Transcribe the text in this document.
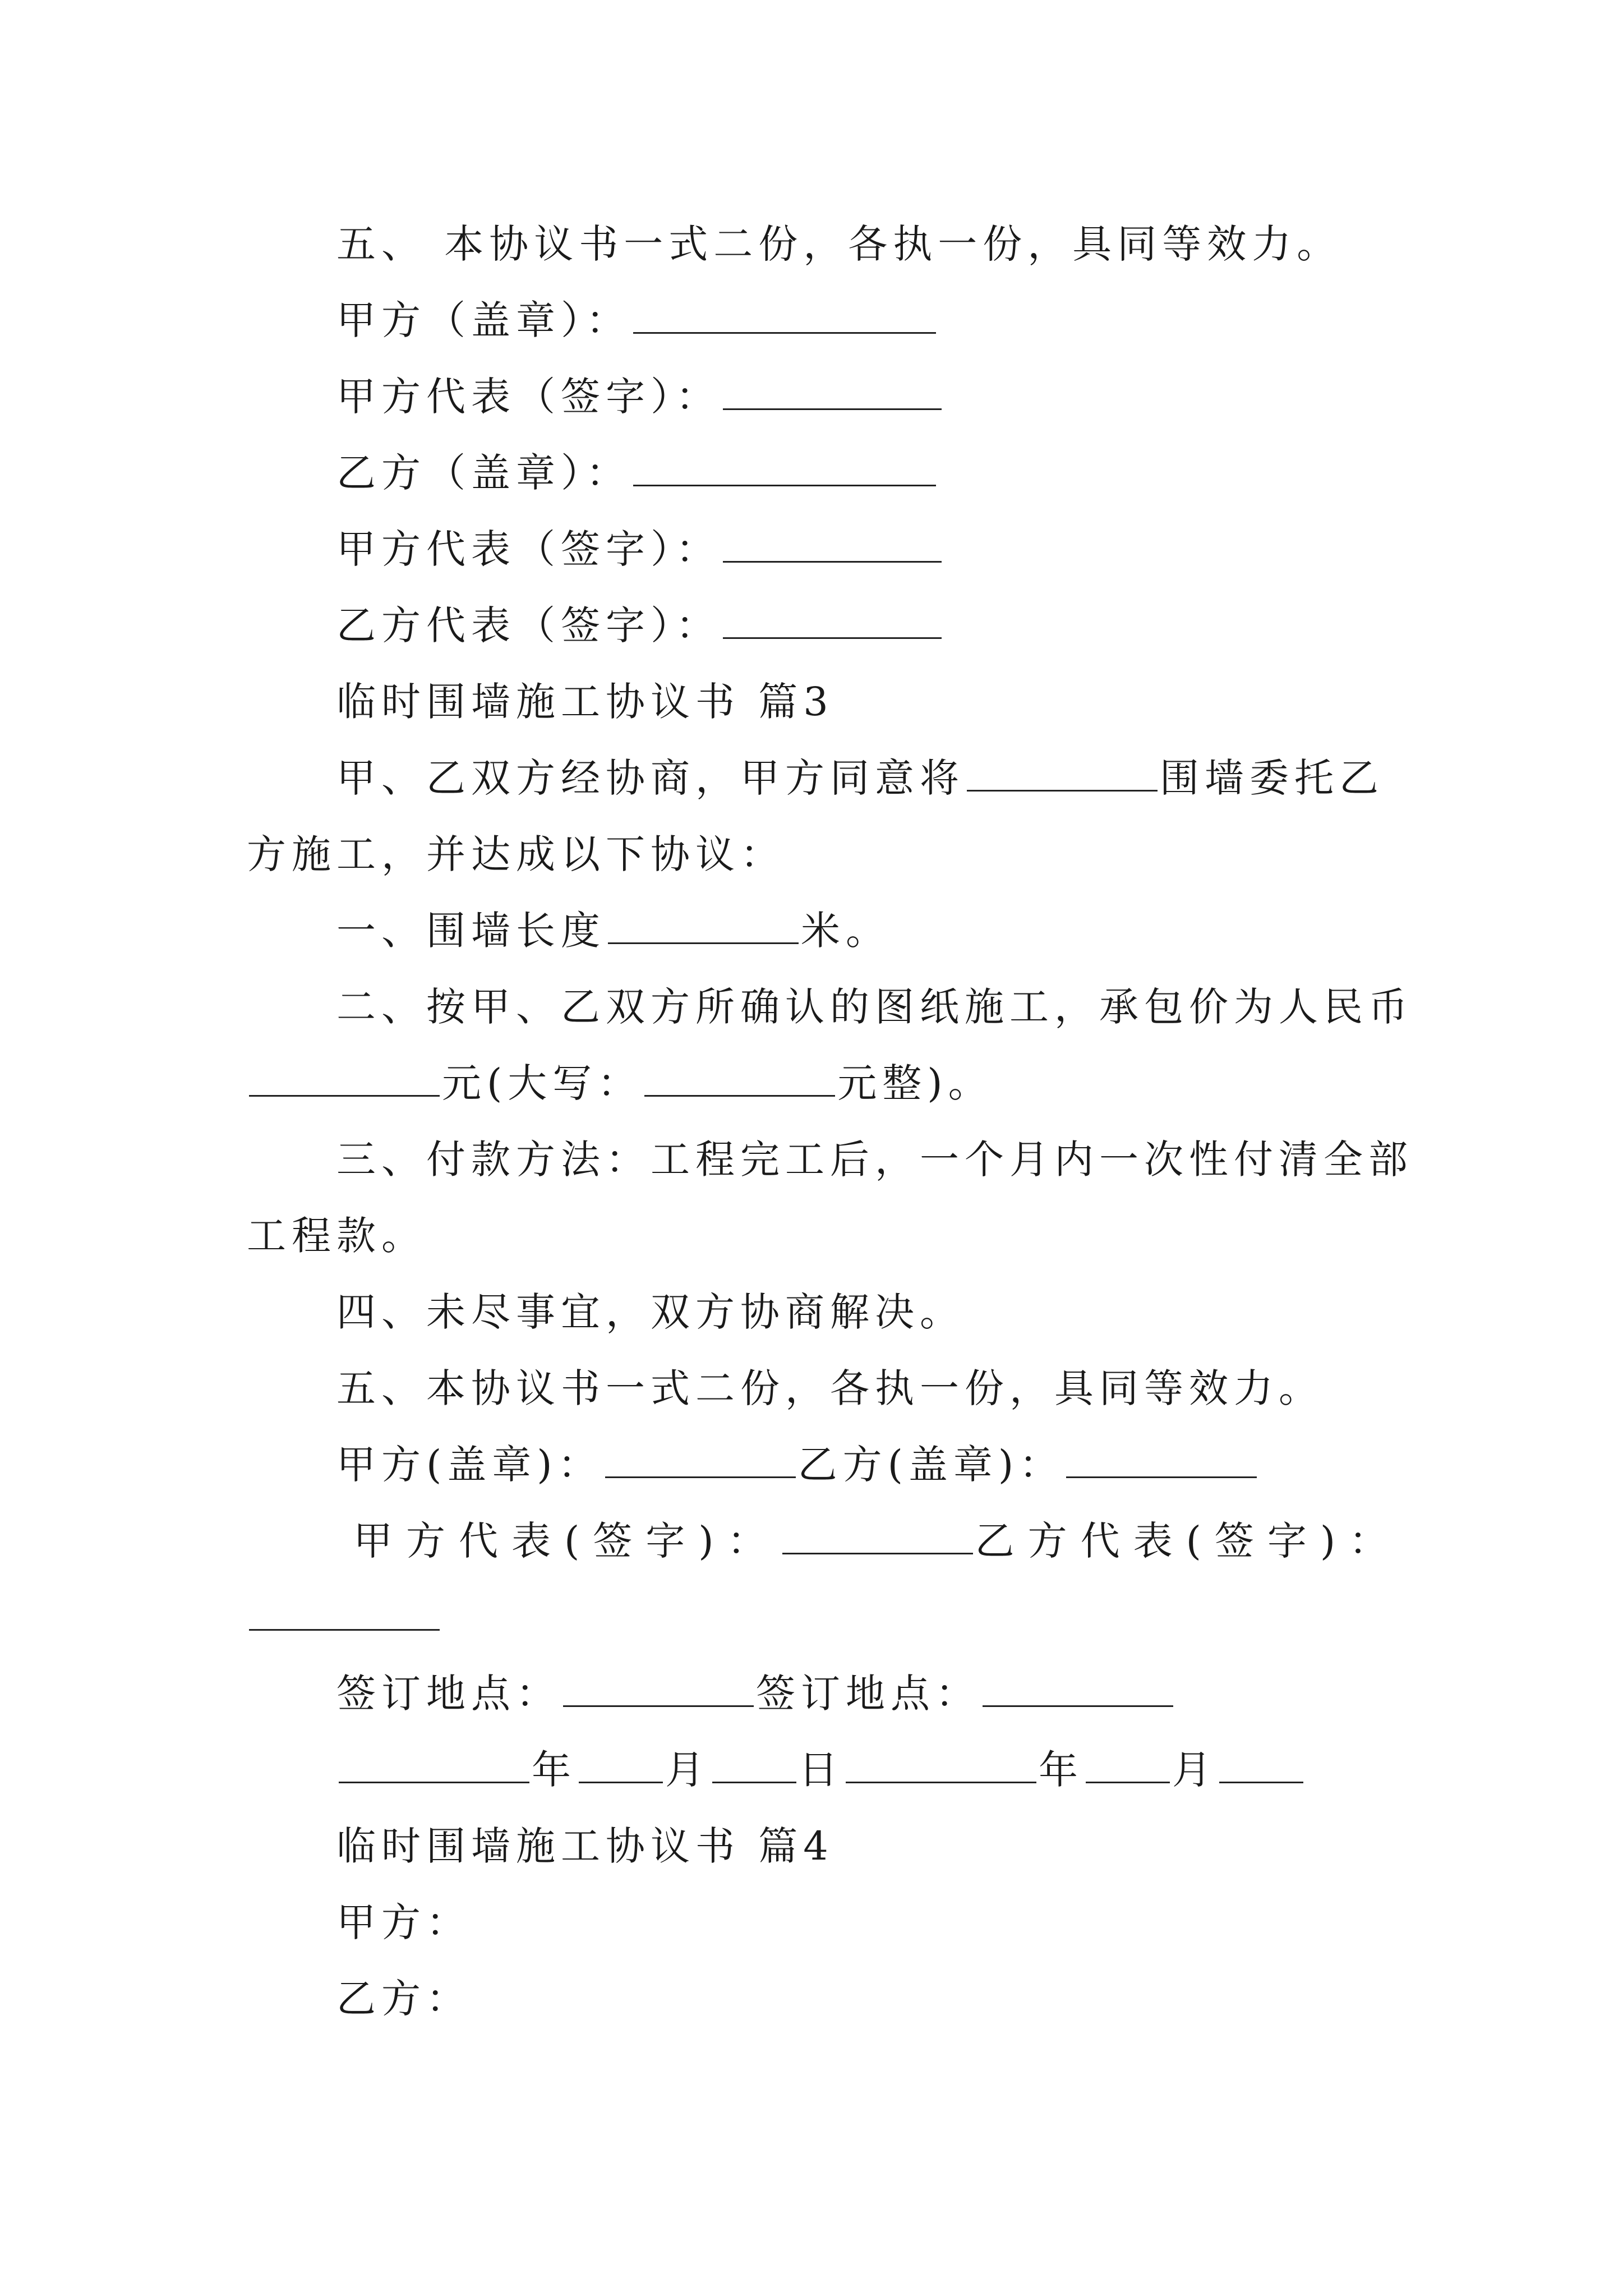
五、 本协议书一式二份，各执一份，具同等效力。
甲方（盖章）：
甲方代表（签字）：
乙方（盖章）：
甲方代表（签字）：
乙方代表（签字）：
临时围墙施工协议书 篇3
甲、乙双方经协商，甲方同意将	围墙委托乙
方施工，并达成以下协议：
一、围墙长度	米。
二、按甲、乙双方所确认的图纸施工，承包价为人民币
元(大写：	元整)。
三、付款方法：工程完工后，一个月内一次性付清全部
工程款。
四、未尽事宜，双方协商解决。
五、本协议书一式二份，各执一份，具同等效力。
甲方(盖章)：	乙方(盖章)：
甲方代表(签字)：	乙方代表(签字)：
签订地点：	签订地点：
年 月 日	年 月
临时围墙施工协议书 篇4
甲方：
乙方：
